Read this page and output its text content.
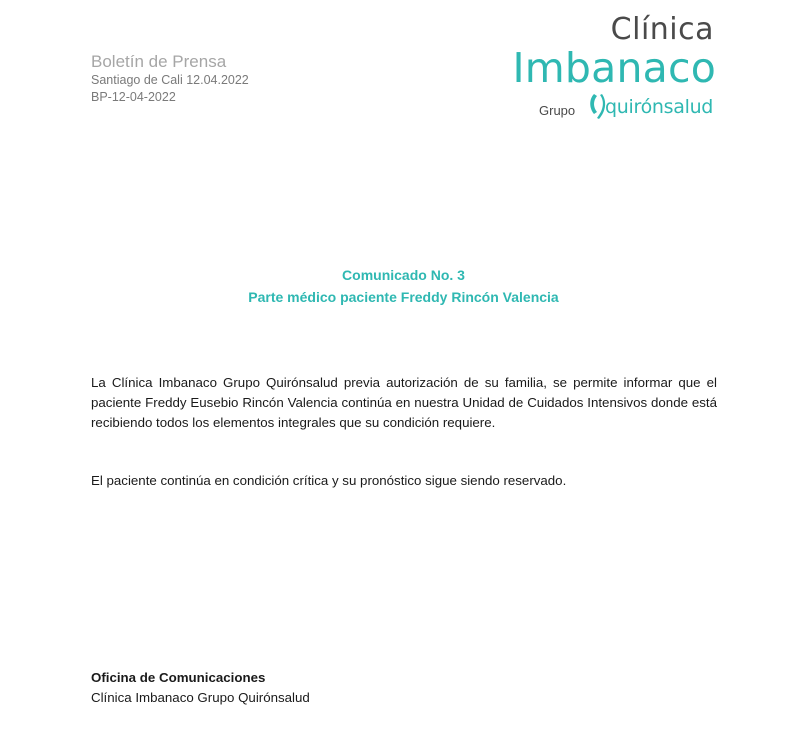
Boletín de Prensa
Santiago de Cali 12.04.2022
BP-12-04-2022
Clínica
Imbanaco
Grupo quirónsalud
Comunicado No. 3
Parte médico paciente Freddy Rincón Valencia

La Clínica Imbanaco Grupo Quirónsalud previa autorización de su familia, se permite informar que el paciente Freddy Eusebio Rincón Valencia continúa en nuestra Unidad de Cuidados Intensivos donde está recibiendo todos los elementos integrales que su condición requiere.

El paciente continúa en condición crítica y su pronóstico sigue siendo reservado.

Oficina de Comunicaciones
Clínica Imbanaco Grupo Quirónsalud
